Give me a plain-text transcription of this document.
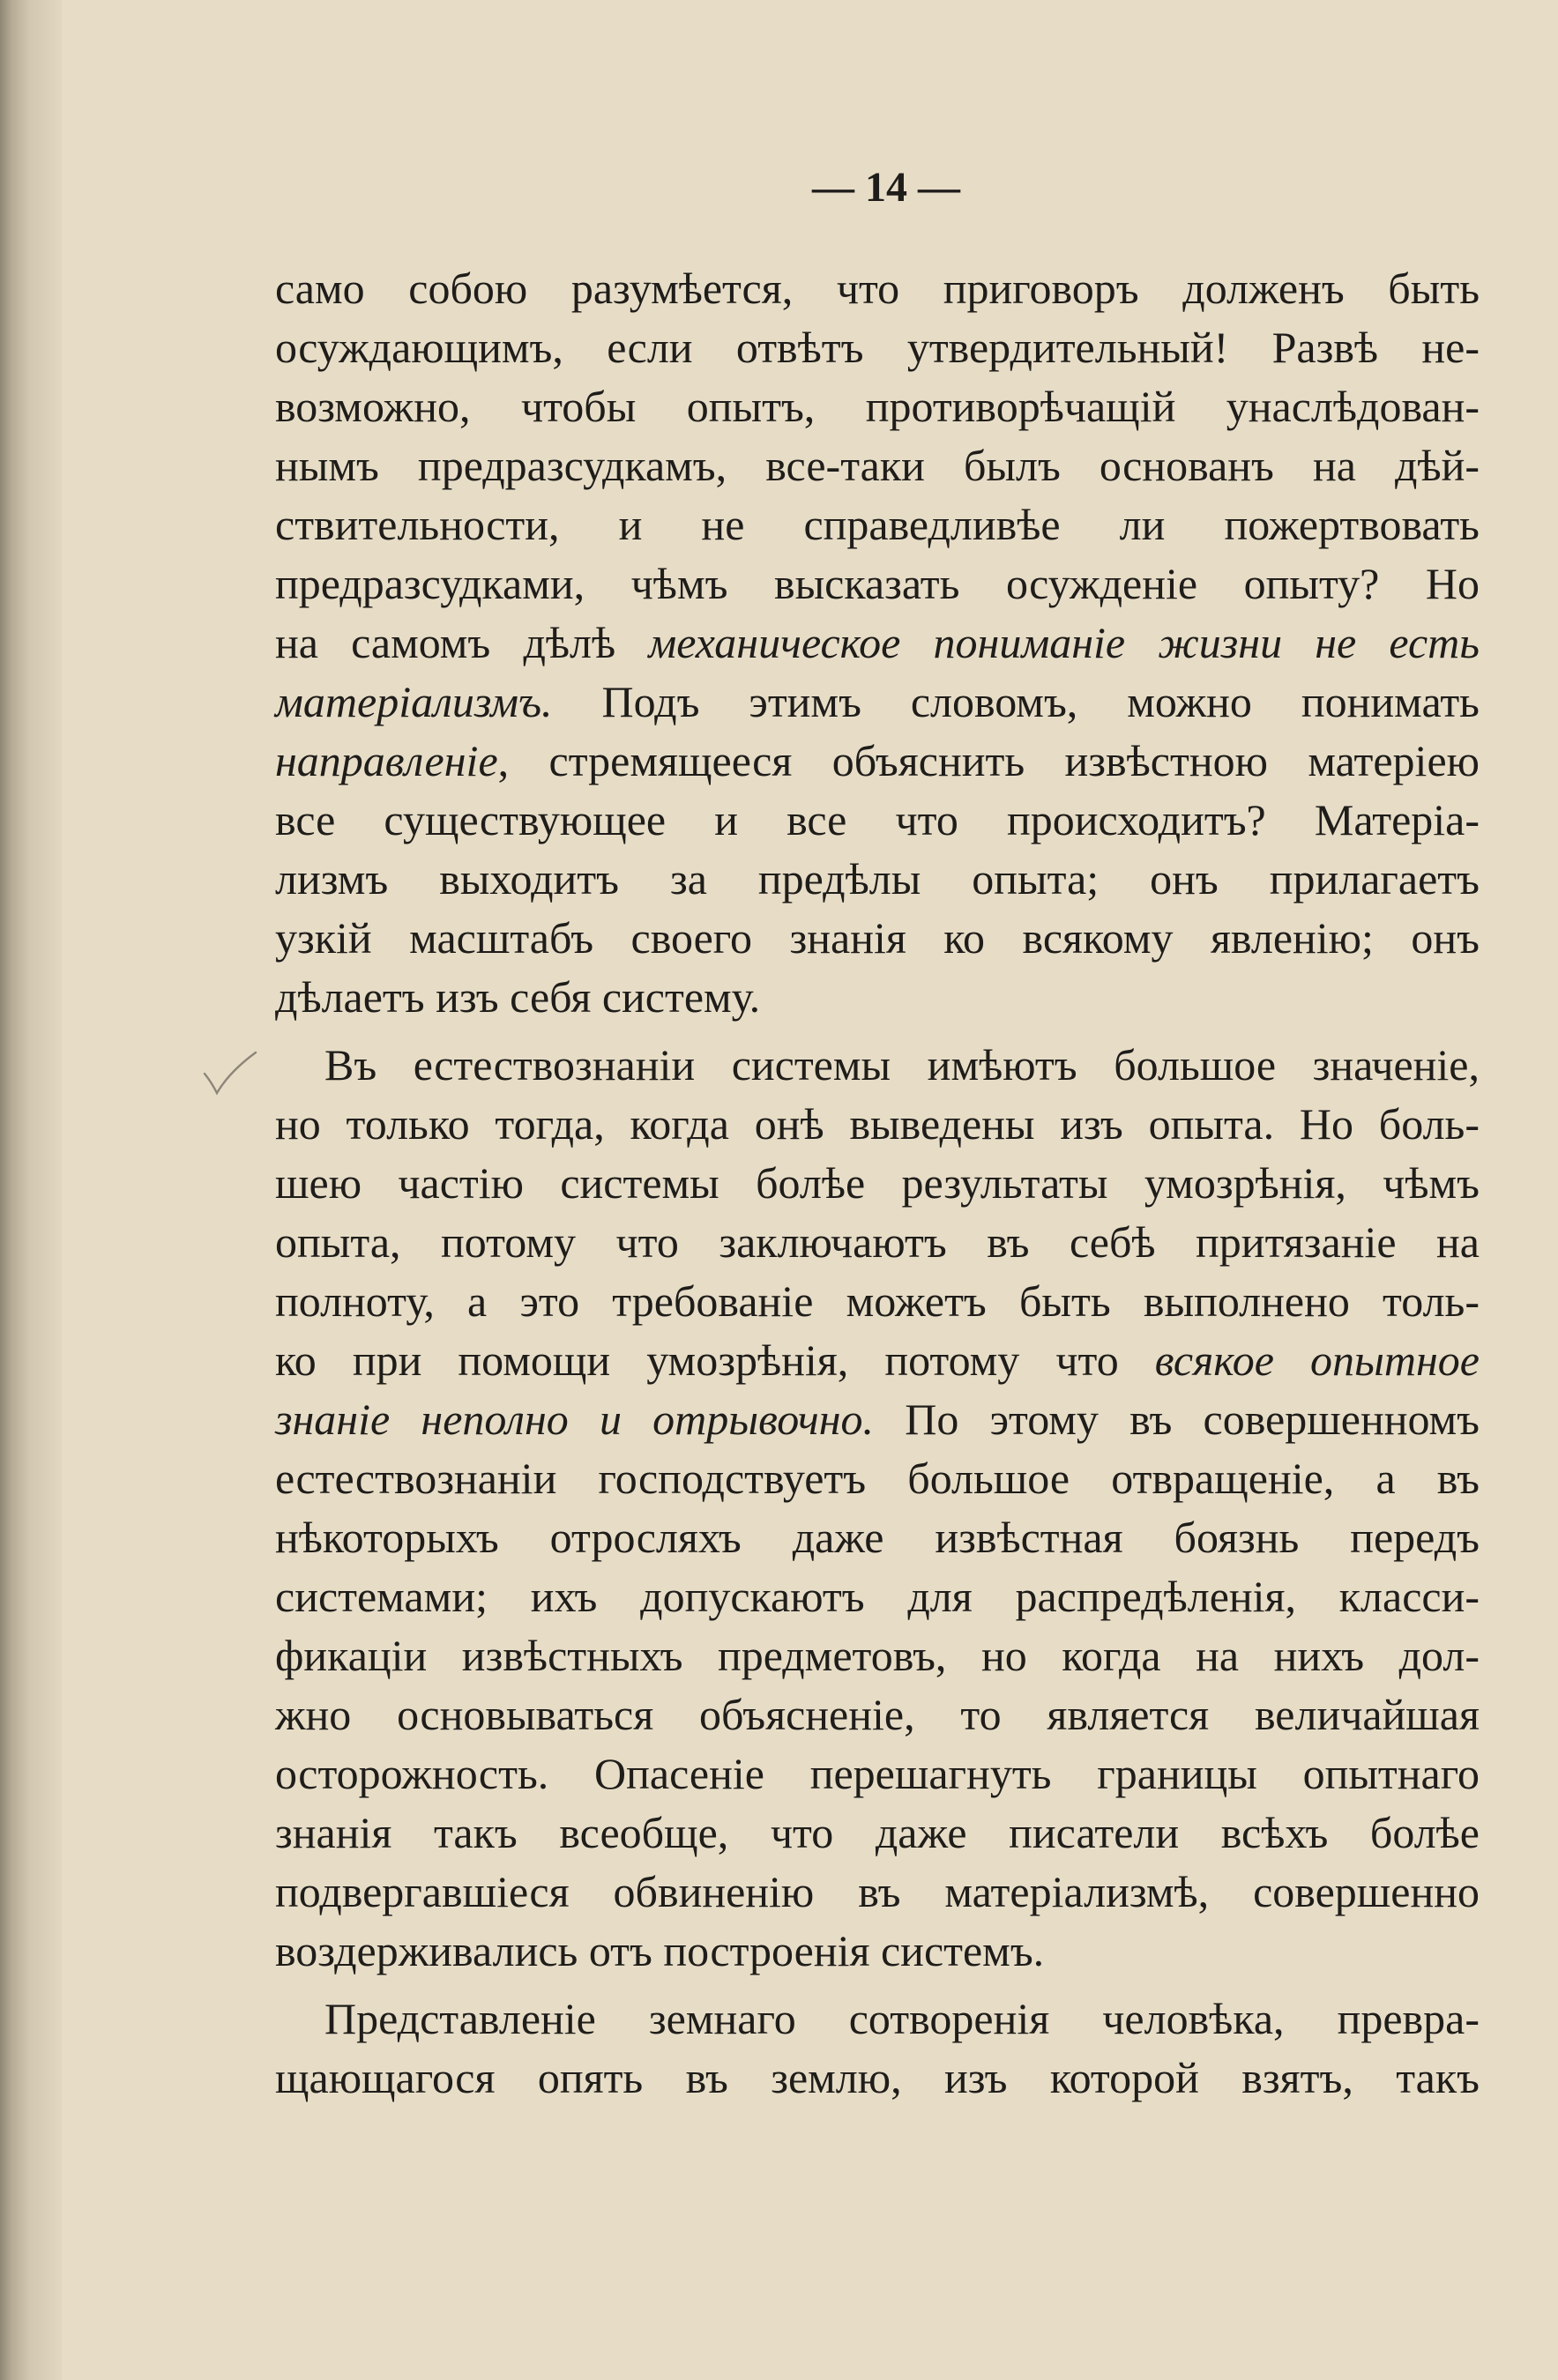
— 14 —
само собою разумѣется, что приговоръ долженъ быть
осуждающимъ, если отвѣтъ утвердительный! Развѣ не-
возможно, чтобы опытъ, противорѣчащій унаслѣдован-
нымъ предразсудкамъ, все-таки былъ основанъ на дѣй-
ствительности, и не справедливѣе ли пожертвовать
предразсудками, чѣмъ высказать осужденіе опыту? Но
на самомъ дѣлѣ механическое пониманіе жизни не есть
матеріализмъ. Подъ этимъ словомъ, можно понимать
направленіе, стремящееся объяснить извѣстною матеріею
все существующее и все что происходитъ? Матеріа-
лизмъ выходитъ за предѣлы опыта; онъ прилагаетъ
узкій масштабъ своего знанія ко всякому явленію; онъ
дѣлаетъ изъ себя систему.
Въ естествознаніи системы имѣютъ большое значеніе,
но только тогда, когда онѣ выведены изъ опыта. Но боль-
шею частію системы болѣе результаты умозрѣнія, чѣмъ
опыта, потому что заключаютъ въ себѣ притязаніе на
полноту, а это требованіе можетъ быть выполнено толь-
ко при помощи умозрѣнія, потому что всякое опытное
знаніе неполно и отрывочно. По этому въ совершенномъ
естествознаніи господствуетъ большое отвращеніе, а въ
нѣкоторыхъ отросляхъ даже извѣстная боязнь передъ
системами; ихъ допускаютъ для распредѣленія, класси-
фикаціи извѣстныхъ предметовъ, но когда на нихъ дол-
жно основываться объясненіе, то является величайшая
осторожность. Опасеніе перешагнуть границы опытнаго
знанія такъ всеобще, что даже писатели всѣхъ болѣе
подвергавшіеся обвиненію въ матеріализмѣ, совершенно
воздерживались отъ построенія системъ.
Представленіе земнаго сотворенія человѣка, превра-
щающагося опять въ землю, изъ которой взятъ, такъ
